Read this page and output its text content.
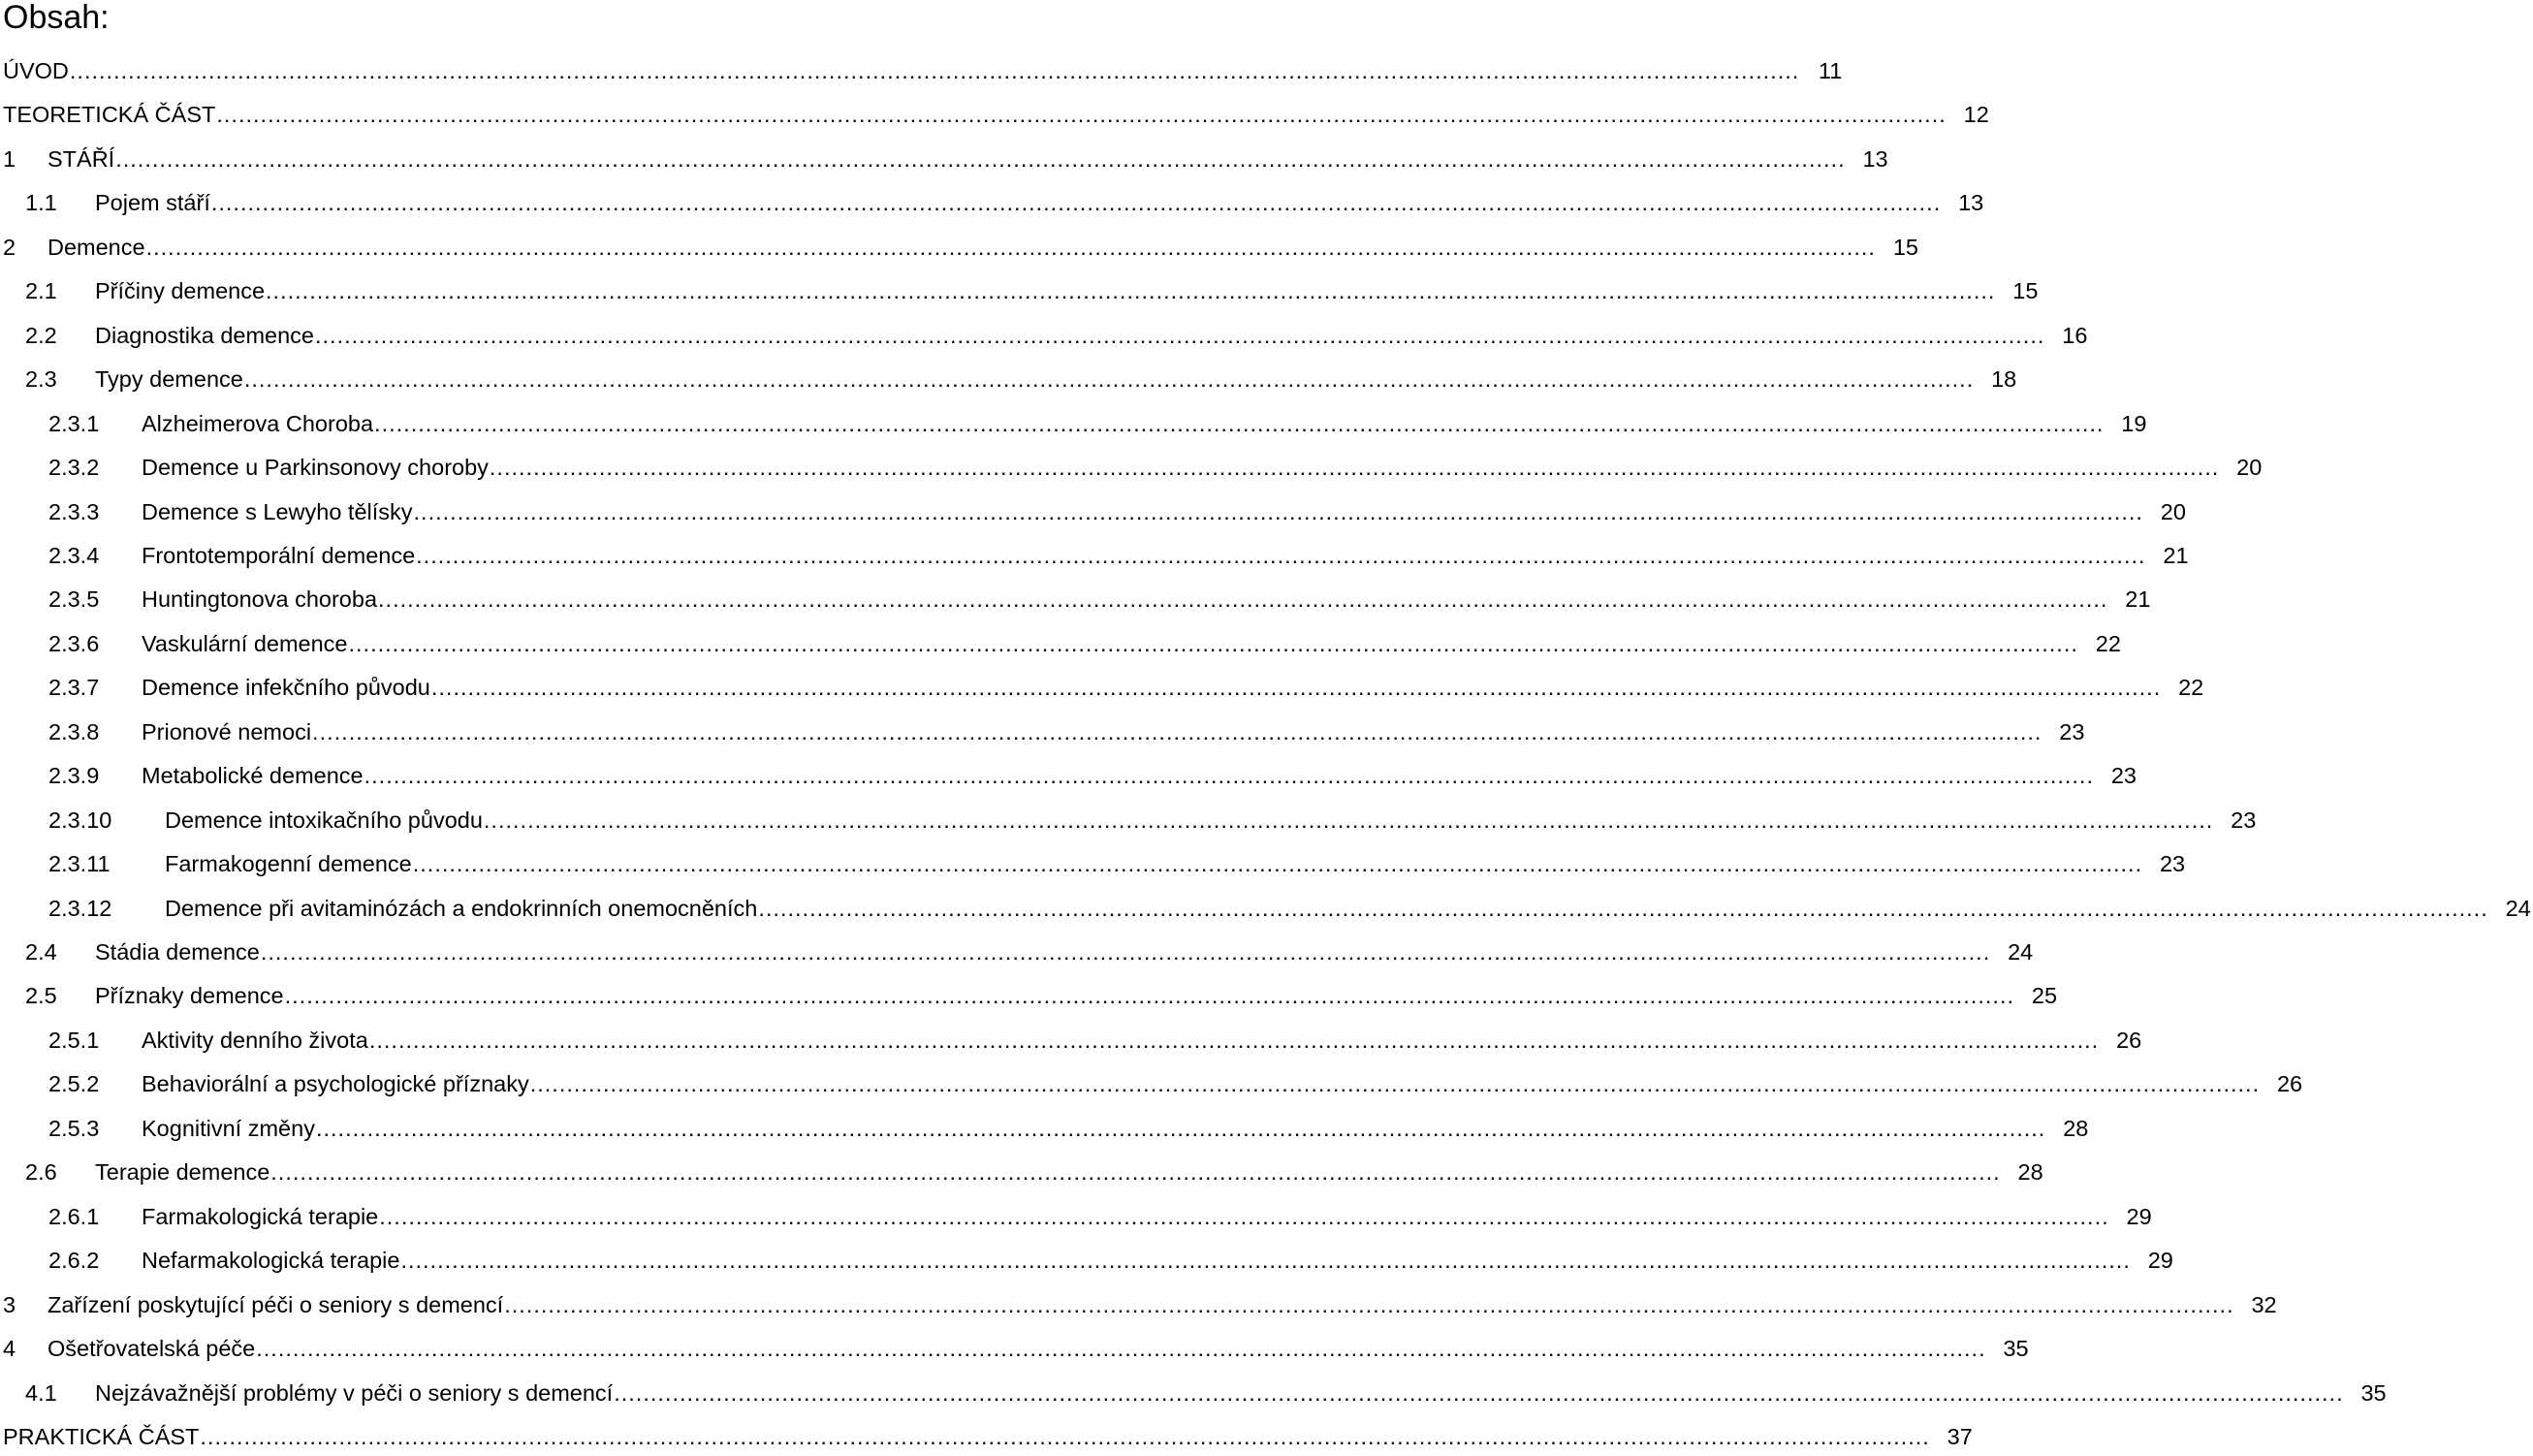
Obsah:
ÚVOD .....	11
TEORETICKÁ ČÁST .....	12
1	STÁŘÍ .....	13
1.1	Pojem stáří .....	13
2	Demence .....	15
2.1	Příčiny demence .....	15
2.2	Diagnostika demence .....	16
2.3	Typy demence .....	18
2.3.1	Alzheimerova Choroba .....	19
2.3.2	Demence u Parkinsonovy choroby .....	20
2.3.3	Demence s Lewyho tělísky .....	20
2.3.4	Frontotemporální demence .....	21
2.3.5	Huntingtonova choroba .....	21
2.3.6	Vaskulární demence .....	22
2.3.7	Demence infekčního původu .....	22
2.3.8	Prionové nemoci .....	23
2.3.9	Metabolické demence .....	23
2.3.10	Demence intoxikačního původu .....	23
2.3.11	Farmakogenní demence .....	23
2.3.12	Demence při avitaminózách a endokrinních onemocněních .....	24
2.4	Stádia demence .....	24
2.5	Příznaky demence .....	25
2.5.1	Aktivity denního života .....	26
2.5.2	Behaviorální a psychologické příznaky .....	26
2.5.3	Kognitivní změny .....	28
2.6	Terapie demence .....	28
2.6.1	Farmakologická terapie .....	29
2.6.2	Nefarmakologická terapie .....	29
3	Zařízení poskytující péči o seniory s demencí .....	32
4	Ošetřovatelská péče .....	35
4.1	Nejzávažnější problémy v péči o seniory s demencí .....	35
PRAKTICKÁ ČÁST .....	37
